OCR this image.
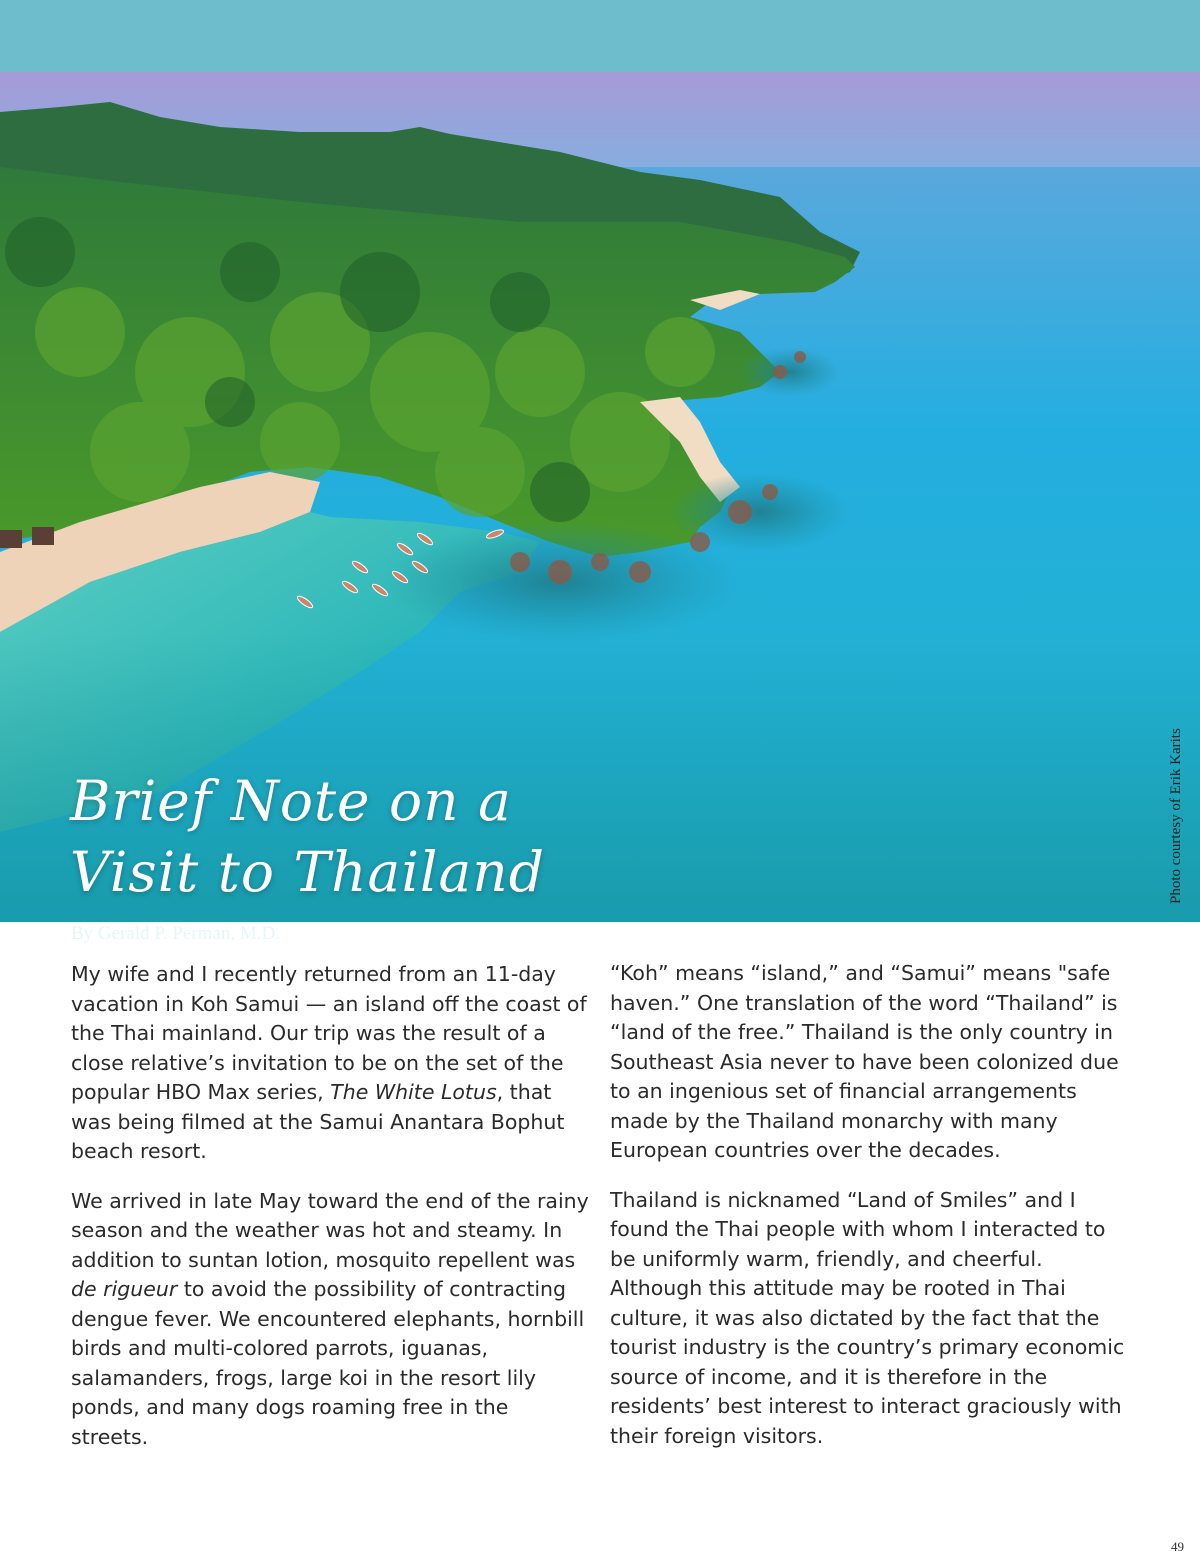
Brief Note on a
Visit to Thailand
By Gerald P. Perman, M.D.
Photo courtesy of Erik Karits

My wife and I recently returned from an 11-day vacation in Koh Samui — an island off the coast of the Thai mainland. Our trip was the result of a close relative’s invitation to be on the set of the popular HBO Max series, The White Lotus, that was being filmed at the Samui Anantara Bophut beach resort.

We arrived in late May toward the end of the rainy season and the weather was hot and steamy. In addition to suntan lotion, mosquito repellent was de rigueur to avoid the possibility of contracting dengue fever. We encountered elephants, hornbill birds and multi-colored parrots, iguanas, salamanders, frogs, large koi in the resort lily ponds, and many dogs roaming free in the streets.

“Koh” means “island,” and “Samui” means "safe haven.” One translation of the word “Thailand” is “land of the free.” Thailand is the only country in Southeast Asia never to have been colonized due to an ingenious set of financial arrangements made by the Thailand monarchy with many European countries over the decades.

Thailand is nicknamed “Land of Smiles” and I found the Thai people with whom I interacted to be uniformly warm, friendly, and cheerful. Although this attitude may be rooted in Thai culture, it was also dictated by the fact that the tourist industry is the country’s primary economic source of income, and it is therefore in the residents’ best interest to interact graciously with their foreign visitors.

49
